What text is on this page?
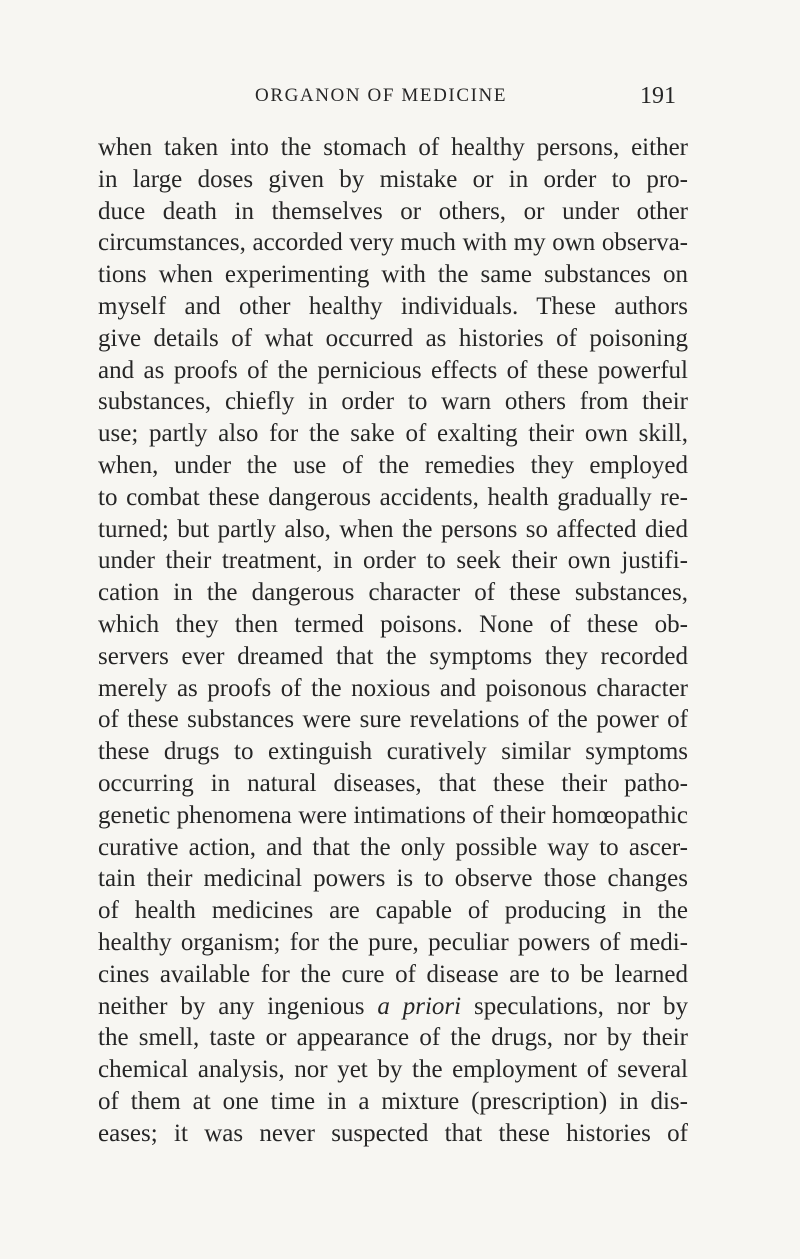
ORGANON OF MEDICINE	191
when taken into the stomach of healthy persons, either
in large doses given by mistake or in order to pro-
duce death in themselves or others, or under other
circumstances, accorded very much with my own observa-
tions when experimenting with the same substances on
myself and other healthy individuals. These authors
give details of what occurred as histories of poisoning
and as proofs of the pernicious effects of these powerful
substances, chiefly in order to warn others from their
use; partly also for the sake of exalting their own skill,
when, under the use of the remedies they employed
to combat these dangerous accidents, health gradually re-
turned; but partly also, when the persons so affected died
under their treatment, in order to seek their own justifi-
cation in the dangerous character of these substances,
which they then termed poisons. None of these ob-
servers ever dreamed that the symptoms they recorded
merely as proofs of the noxious and poisonous character
of these substances were sure revelations of the power of
these drugs to extinguish curatively similar symptoms
occurring in natural diseases, that these their patho-
genetic phenomena were intimations of their homœopathic
curative action, and that the only possible way to ascer-
tain their medicinal powers is to observe those changes
of health medicines are capable of producing in the
healthy organism; for the pure, peculiar powers of medi-
cines available for the cure of disease are to be learned
neither by any ingenious a priori speculations, nor by
the smell, taste or appearance of the drugs, nor by their
chemical analysis, nor yet by the employment of several
of them at one time in a mixture (prescription) in dis-
eases; it was never suspected that these histories of
